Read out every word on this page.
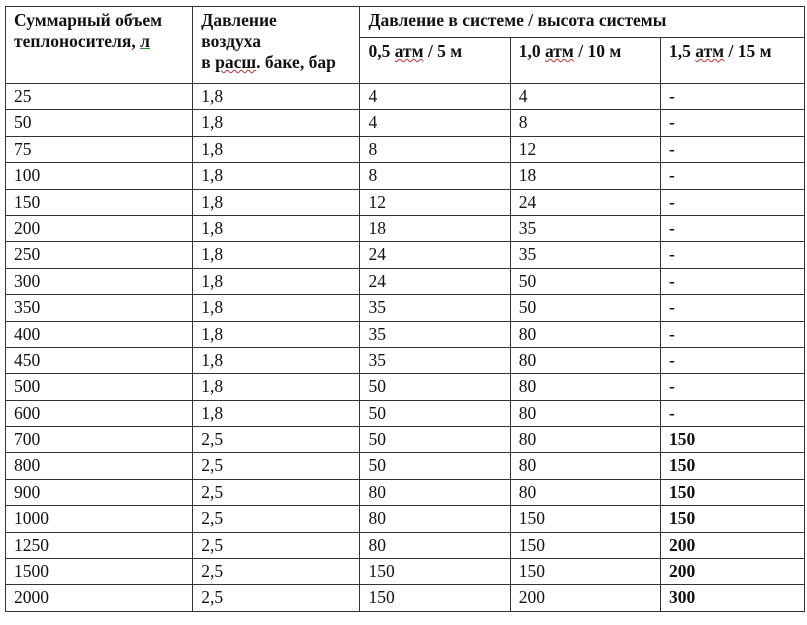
Суммарный объем
теплоносителя, л	Давление
воздуха
в расш. баке, бар	Давление в системе / высота системы		
		0,5 атм / 5 м	1,0 атм / 10 м	1,5 атм / 15 м
25	1,8	4	4	-
50	1,8	4	8	-
75	1,8	8	12	-
100	1,8	8	18	-
150	1,8	12	24	-
200	1,8	18	35	-
250	1,8	24	35	-
300	1,8	24	50	-
350	1,8	35	50	-
400	1,8	35	80	-
450	1,8	35	80	-
500	1,8	50	80	-
600	1,8	50	80	-
700	2,5	50	80	150
800	2,5	50	80	150
900	2,5	80	80	150
1000	2,5	80	150	150
1250	2,5	80	150	200
1500	2,5	150	150	200
2000	2,5	150	200	300
